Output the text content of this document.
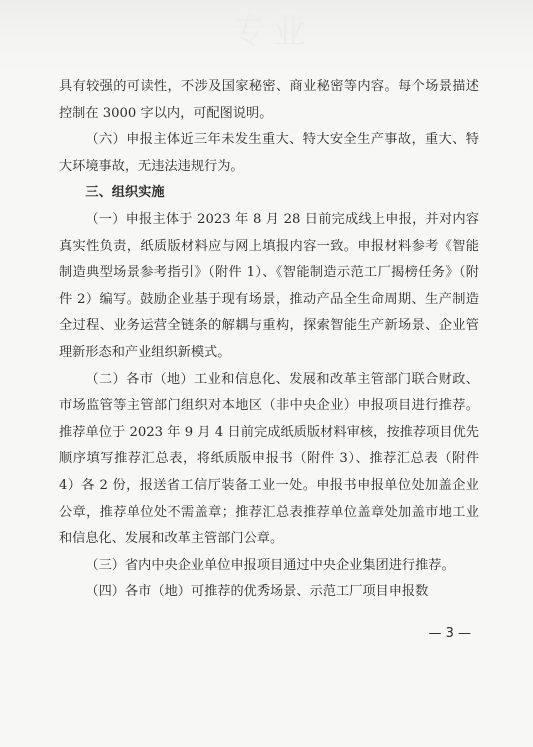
专业

具有较强的可读性，不涉及国家秘密、商业秘密等内容。每个场景描述控制在 3000 字以内，可配图说明。

（六）申报主体近三年未发生重大、特大安全生产事故，重大、特大环境事故，无违法违规行为。

三、组织实施

（一）申报主体于 2023 年 8 月 28 日前完成线上申报，并对内容真实性负责，纸质版材料应与网上填报内容一致。申报材料参考《智能制造典型场景参考指引》（附件 1）、《智能制造示范工厂揭榜任务》（附件 2）编写。鼓励企业基于现有场景，推动产品全生命周期、生产制造全过程、业务运营全链条的解耦与重构，探索智能生产新场景、企业管理新形态和产业组织新模式。

（二）各市（地）工业和信息化、发展和改革主管部门联合财政、市场监管等主管部门组织对本地区（非中央企业）申报项目进行推荐。推荐单位于 2023 年 9 月 4 日前完成纸质版材料审核，按推荐项目优先顺序填写推荐汇总表，将纸质版申报书（附件 3）、推荐汇总表（附件 4）各 2 份，报送省工信厅装备工业一处。申报书申报单位处加盖企业公章，推荐单位处不需盖章；推荐汇总表推荐单位盖章处加盖市地工业和信息化、发展和改革主管部门公章。

（三）省内中央企业单位申报项目通过中央企业集团进行推荐。

（四）各市（地）可推荐的优秀场景、示范工厂项目申报数

— 3 —
